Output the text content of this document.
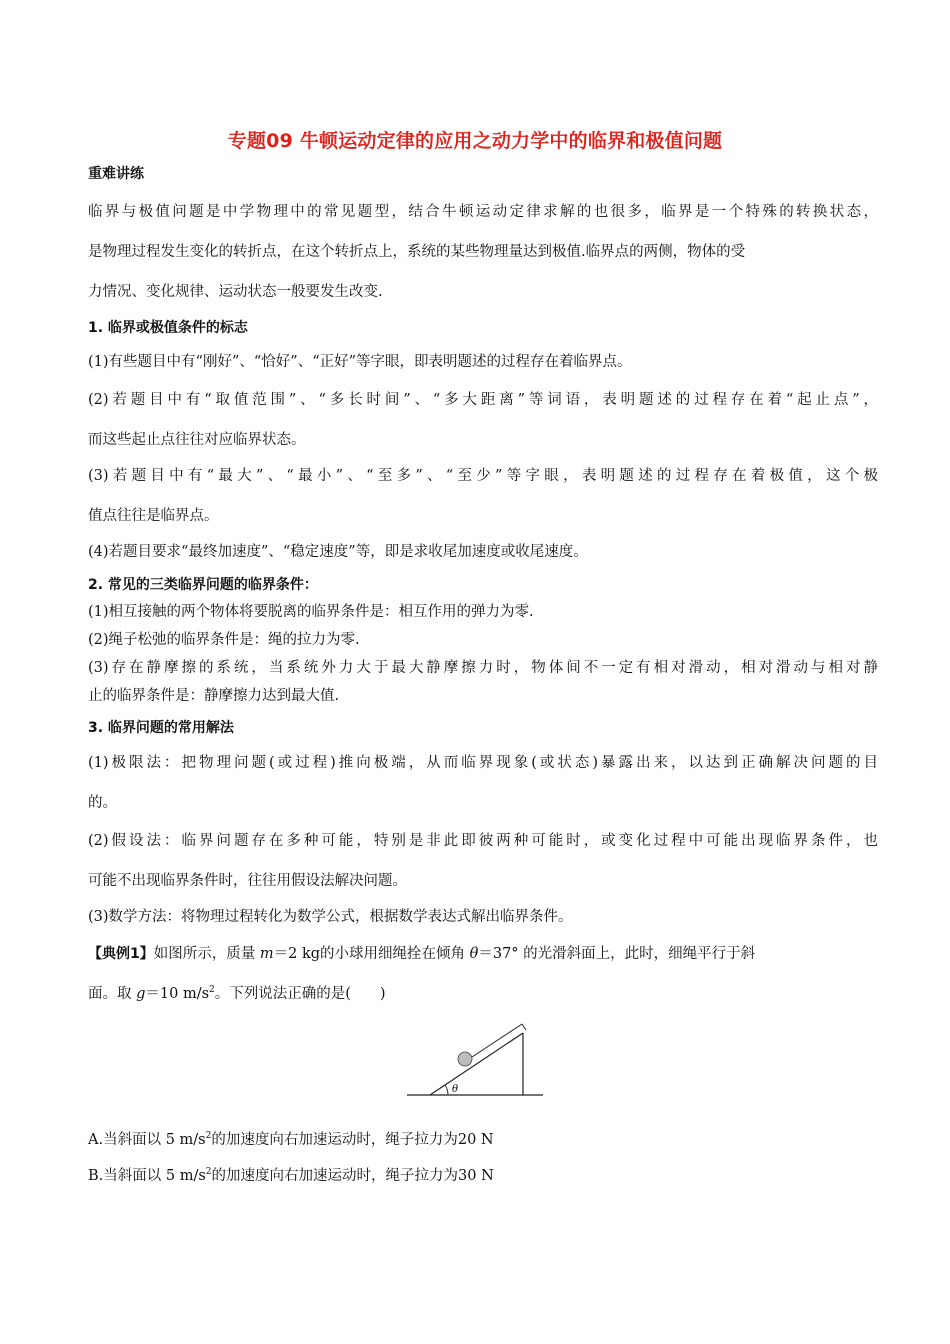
专题09 牛顿运动定律的应用之动力学中的临界和极值问题
重难讲练
临界与极值问题是中学物理中的常见题型，结合牛顿运动定律求解的也很多，临界是一个特殊的转换状态，
是物理过程发生变化的转折点，在这个转折点上，系统的某些物理量达到极值.临界点的两侧，物体的受
力情况、变化规律、运动状态一般要发生改变.
1. 临界或极值条件的标志
(1)有些题目中有“刚好”、“恰好”、“正好”等字眼，即表明题述的过程存在着临界点。
(2)若题目中有“取值范围”、“多长时间”、“多大距离”等词语，表明题述的过程存在着“起止点”，
而这些起止点往往对应临界状态。
(3)若题目中有“最大”、“最小”、“至多”、“至少”等字眼，表明题述的过程存在着极值，这个极
值点往往是临界点。
(4)若题目要求“最终加速度”、“稳定速度”等，即是求收尾加速度或收尾速度。
2. 常见的三类临界问题的临界条件：
(1)相互接触的两个物体将要脱离的临界条件是：相互作用的弹力为零.
(2)绳子松弛的临界条件是：绳的拉力为零.
(3)存在静摩擦的系统，当系统外力大于最大静摩擦力时，物体间不一定有相对滑动，相对滑动与相对静
止的临界条件是：静摩擦力达到最大值.
3. 临界问题的常用解法
(1)极限法：把物理问题(或过程)推向极端，从而临界现象(或状态)暴露出来，以达到正确解决问题的目
的。
(2)假设法：临界问题存在多种可能，特别是非此即彼两种可能时，或变化过程中可能出现临界条件，也
可能不出现临界条件时，往往用假设法解决问题。
(3)数学方法：将物理过程转化为数学公式，根据数学表达式解出临界条件。
【典例1】如图所示，质量 m＝2 kg的小球用细绳拴在倾角 θ＝37° 的光滑斜面上，此时，细绳平行于斜
面。取 g＝10 $m/s^2$。下列说法正确的是(　　)
θ
A.当斜面以 5 $m/s^2$的加速度向右加速运动时，绳子拉力为20 N
B.当斜面以 5 $m/s^2$的加速度向右加速运动时，绳子拉力为30 N
